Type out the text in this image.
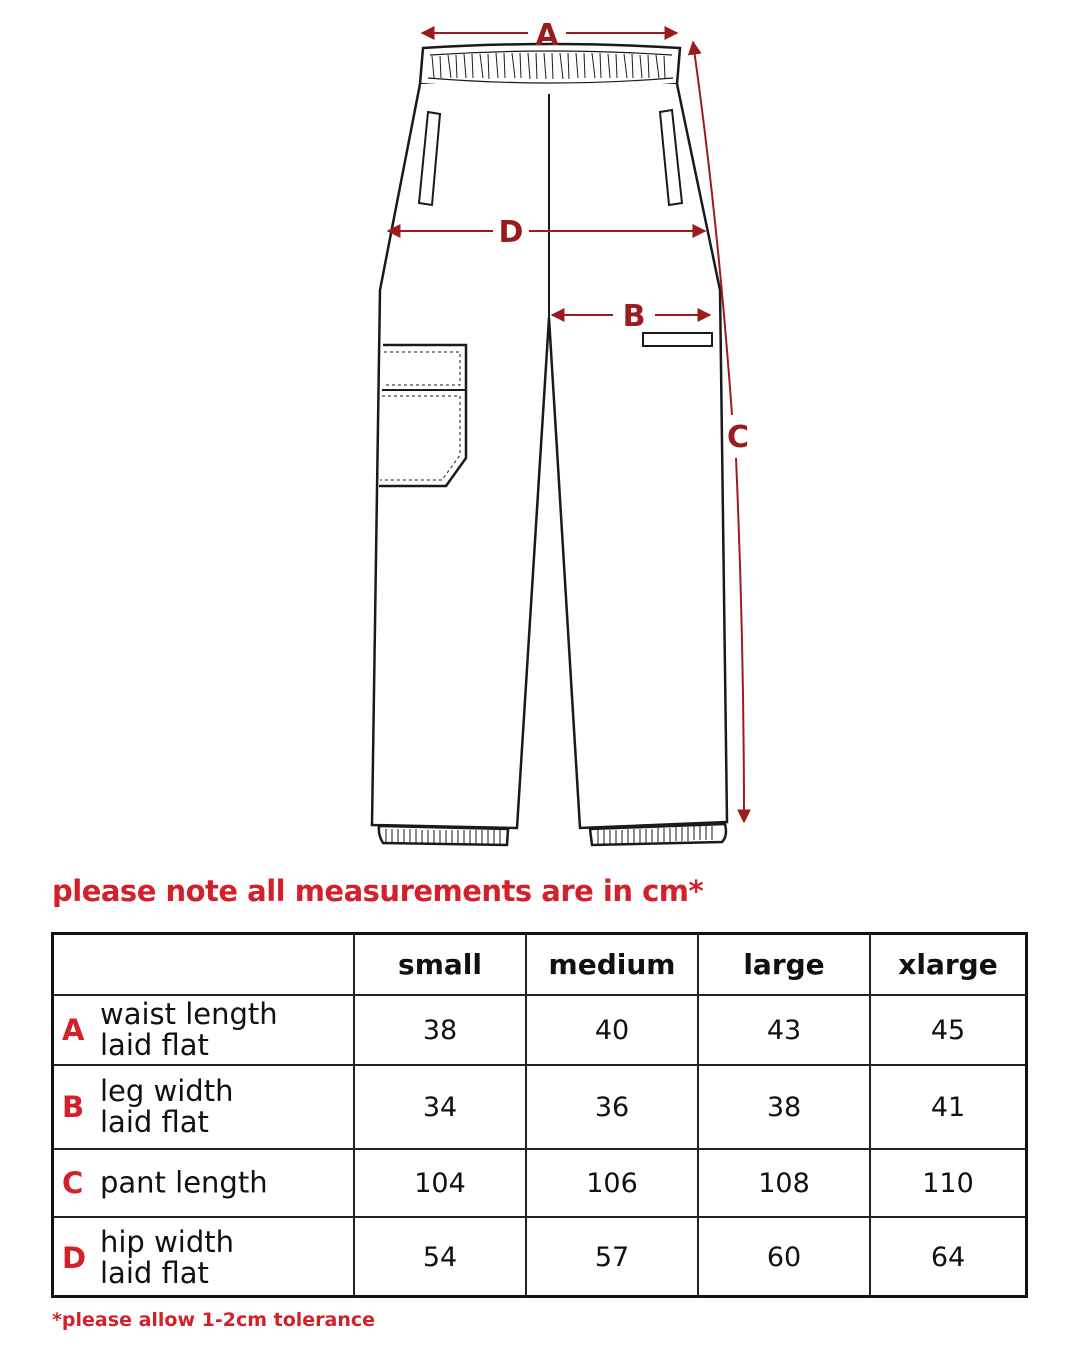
A
D
B
C
please note all measurements are in cm*
	small	medium	large	xlarge

A waist length
laid flat	38	40	43	45

B leg width
laid flat	34	36	38	41

C pant length	104	106	108	110

D hip width
laid flat	54	57	60	64
*please allow 1-2cm tolerance
